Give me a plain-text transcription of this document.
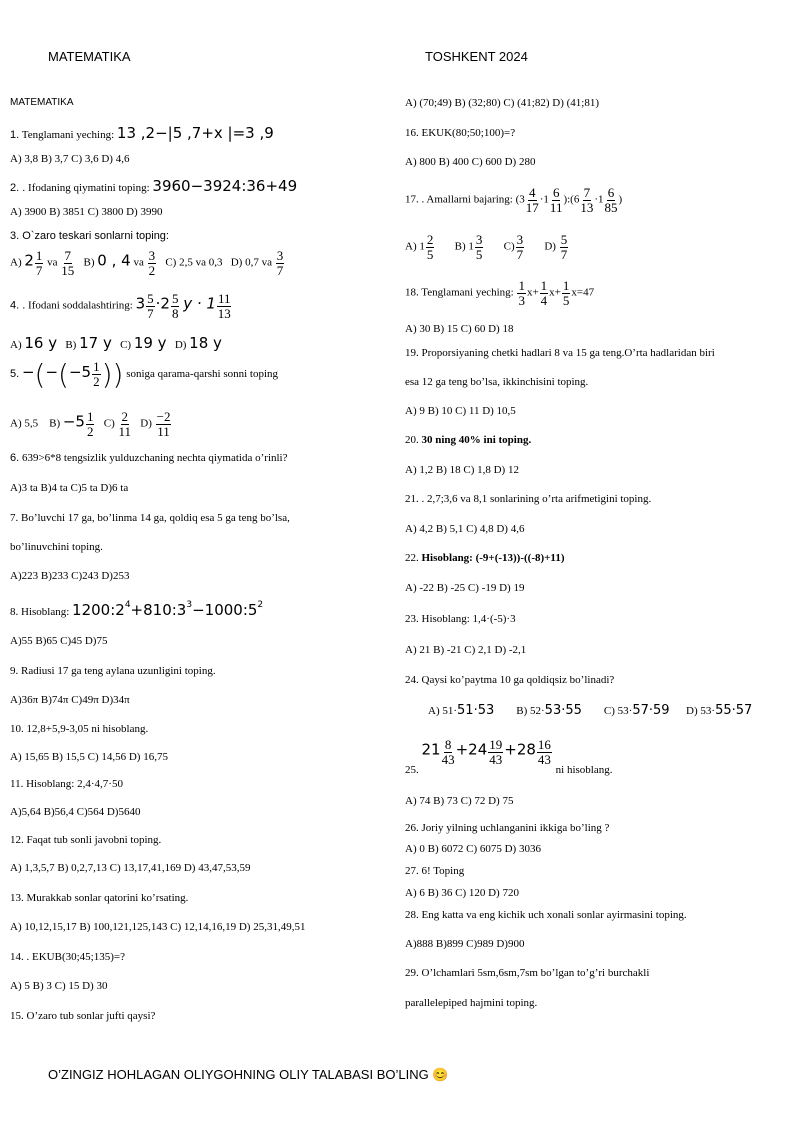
MATEMATIKA	TOSHKENT 2024
MATEMATIKA
1. Tenglamani yeching: 13 ,2−|5 ,7+x |=3 ,9
A) 3,8 B) 3,7 C) 3,6 D) 4,6
2. . Ifodaning qiymatini toping: 3960−3924:36+49
A) 3900 B) 3851 C) 3800 D) 3990
3. O`zaro teskari sonlarni toping:
A) $2 \frac{1}{7}$ va $\frac{7}{15} B$) 0 , 4 va $\frac{3}{2} C$) 2,5 va 0,3 D) 0,7 va $\frac{3}{7}$
4. . Ifodani soddalashtiring: $3 \frac{5}{7} \cdot 2 \frac{5}{8}$ $y \cdot 1 \frac{11}{13}$
A) 16 y B) 17 y C) 19 y D) 18 y
5. $-(-(-5 \frac{1}{2}$ )) soniga qarama-qarshi sonni toping
A) 5,5 $B) -5 \frac{1}{2} C) \frac{2}{11} D) \frac{-2}{11}$
6. 639>6*8 tengsizlik yulduzchaning nechta qiymatida o’rinli?
A)3 ta B)4 ta C)5 ta D)6 ta
7. Bo’luvchi 17 ga, bo’linma 14 ga, qoldiq esa 5 ga teng bo’lsa,
bo’linuvchini toping.
A)223 B)233 C)243 D)253
8. Hisoblang: $1200:2^4+810:3^3-1000:5^2$
A)55 B)65 C)45 D)75
9. Radiusi 17 ga teng aylana uzunligini toping.
A)36π B)74π C)49π D)34π
10. 12,8+5,9-3,05 ni hisoblang.
A) 15,65 B) 15,5 C) 14,56 D) 16,75
11. Hisoblang: 2,4·4,7·50
A)5,64 B)56,4 C)564 D)5640
12. Faqat tub sonli javobni toping.
A) 1,3,5,7 B) 0,2,7,13 C) 13,17,41,169 D) 43,47,53,59
13. Murakkab sonlar qatorini ko’rsating.
A) 10,12,15,17 B) 100,121,125,143 C) 12,14,16,19 D) 25,31,49,51
14. . EKUB(30;45;135)=?
A) 5 B) 3 C) 15 D) 30
15. O’zaro tub sonlar jufti qaysi?
A) (70;49) B) (32;80) C) (41;82) D) (41;81)
16. EKUK(80;50;100)=?
A) 800 B) 400 C) 600 D) 280
17. . Amallarni bajaring: ($3 \frac{4}{17} \cdot 1 \frac{6}{11}$ ):(6 $\frac{7}{13} \cdot 1 \frac{6}{85}$ )
A) $1 \frac{2}{5} B$) $1 \frac{3}{5} C) \frac{3}{7} D) \frac{5}{7}$
18. Tenglamani yeching: $\frac{1}{3} x+ \frac{1}{4} x+ \frac{1}{5} x=47$
A) 30 B) 15 C) 60 D) 18
19. Proporsiyaning chetki hadlari 8 va 15 ga teng.O’rta hadlaridan biri
esa 12 ga teng bo’lsa, ikkinchisini toping.
A) 9 B) 10 C) 11 D) 10,5
20. 30 ning 40% ini toping.
A) 1,2 B) 18 C) 1,8 D) 12
21. . 2,7;3,6 va 8,1 sonlarining o’rta arifmetigini toping.
A) 4,2 B) 5,1 C) 4,8 D) 4,6
22. Hisoblang: (-9+(-13))-((-8)+11)
A) -22 B) -25 C) -19 D) 19
23. Hisoblang: 1,4·(-5)·3
A) 21 B) -21 C) 2,1 D) -2,1
24. Qaysi ko’paytma 10 ga qoldiqsiz bo’linadi?
A) 51·51·53 B) 52·53·55 C) 53·57·59 D) 53·55·57
25. $21 \frac{8}{43} +24 \frac{19}{43} +28 \frac{16}{43}$
ni hisoblang.
A) 74 B) 73 C) 72 D) 75
26. Joriy yilning uchlanganini ikkiga bo’ling ?
A) 0 B) 6072 C) 6075 D) 3036
27. 6! Toping
A) 6 B) 36 C) 120 D) 720
28. Eng katta va eng kichik uch xonali sonlar ayirmasini toping.
A)888 B)899 C)989 D)900
29. O’lchamlari 5sm,6sm,7sm bo’lgan to’g’ri burchakli
parallelepiped hajmini toping.
O’ZINGIZ HOHLAGAN OLIYGOHNING OLIY TALABASI BO’LING 😊
